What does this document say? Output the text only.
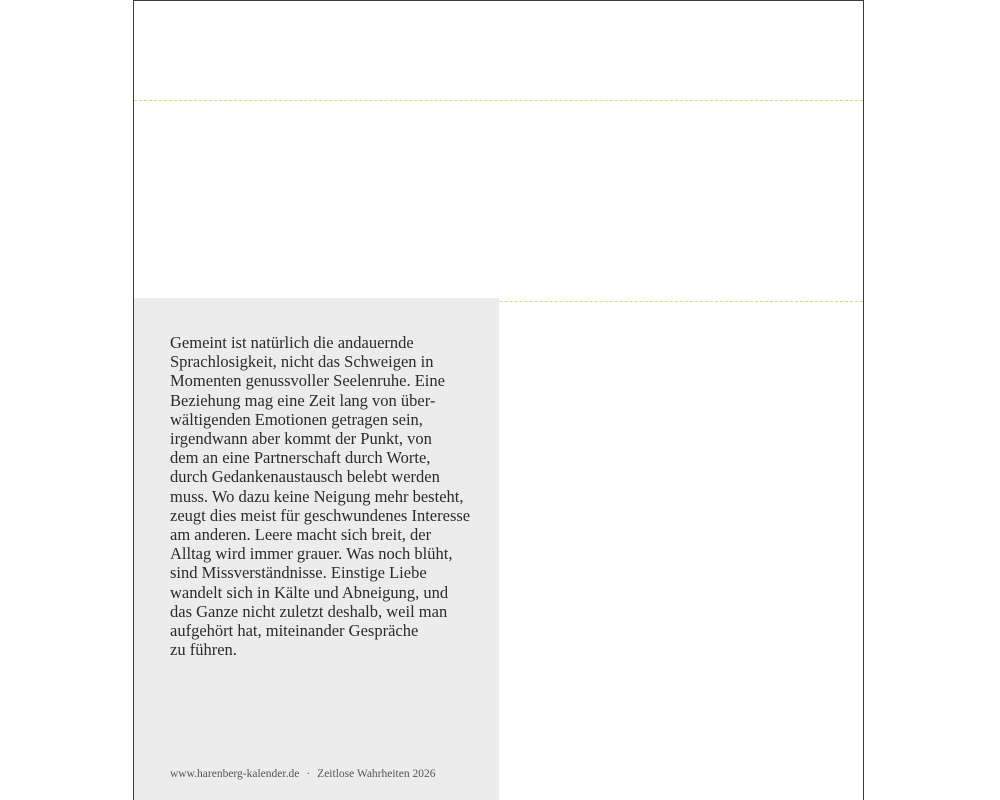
Gemeint ist natürlich die andauernde
Sprachlosigkeit, nicht das Schweigen in
Momenten genussvoller Seelenruhe. Eine
Beziehung mag eine Zeit lang von über-
wältigenden Emotionen getragen sein,
irgendwann aber kommt der Punkt, von
dem an eine Partnerschaft durch Worte,
durch Gedankenaustausch belebt werden
muss. Wo dazu keine Neigung mehr besteht,
zeugt dies meist für geschwundenes Interesse
am anderen. Leere macht sich breit, der
Alltag wird immer grauer. Was noch blüht,
sind Missverständnisse. Einstige Liebe
wandelt sich in Kälte und Abneigung, und
das Ganze nicht zuletzt deshalb, weil man
aufgehört hat, miteinander Gespräche
zu führen.

www.harenberg-kalender.de · Zeitlose Wahrheiten 2026
